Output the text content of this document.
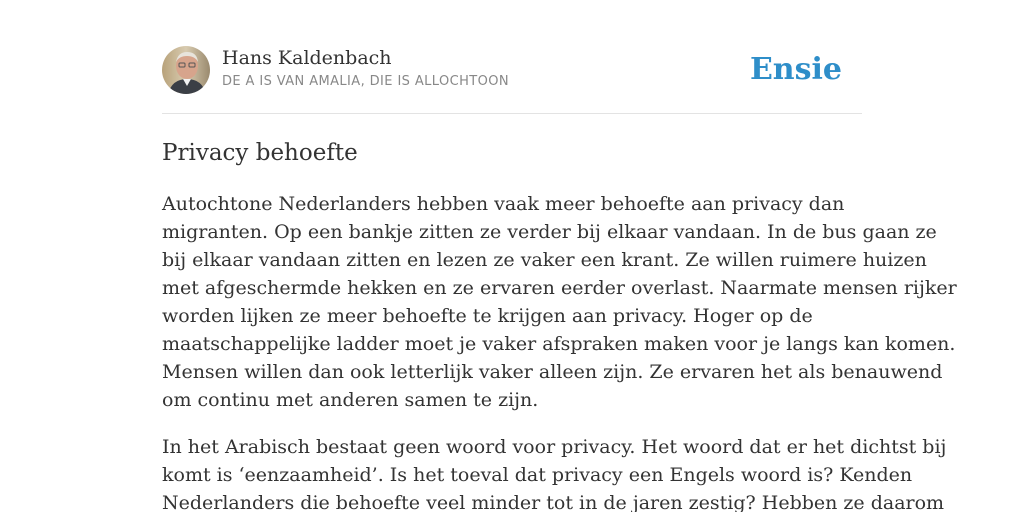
Hans Kaldenbach
DE A IS VAN AMALIA, DIE IS ALLOCHTOON	Ensie
Privacy behoefte

Autochtone Nederlanders hebben vaak meer behoefte aan privacy dan
migranten. Op een bankje zitten ze verder bij elkaar vandaan. In de bus gaan ze
bij elkaar vandaan zitten en lezen ze vaker een krant. Ze willen ruimere huizen
met afgeschermde hekken en ze ervaren eerder overlast. Naarmate mensen rijker
worden lijken ze meer behoefte te krijgen aan privacy. Hoger op de
maatschappelijke ladder moet je vaker afspraken maken voor je langs kan komen.
Mensen willen dan ook letterlijk vaker alleen zijn. Ze ervaren het als benauwend
om continu met anderen samen te zijn.

In het Arabisch bestaat geen woord voor privacy. Het woord dat er het dichtst bij
komt is ‘eenzaamheid’. Is het toeval dat privacy een Engels woord is? Kenden
Nederlanders die behoefte veel minder tot in de jaren zestig? Hebben ze daarom
